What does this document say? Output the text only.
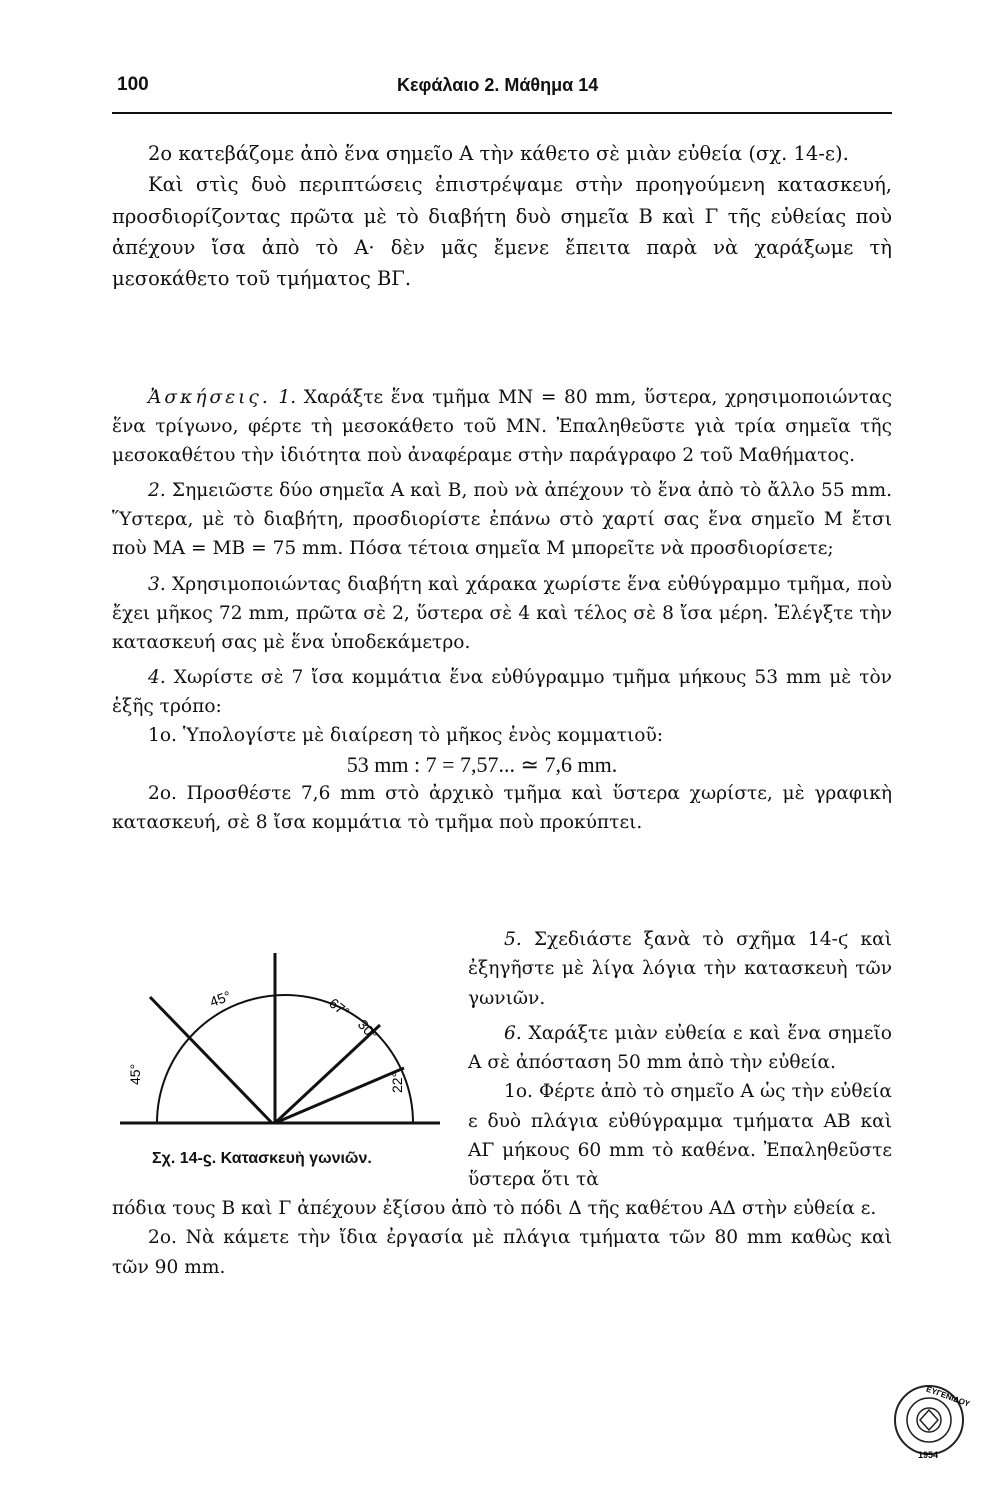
100	Κεφάλαιο 2. Μάθημα 14

2ο κατεβάζομε ἀπὸ ἕνα σημεῖο Α τὴν κάθετο σὲ μιὰν εὐθεία (σχ. 14-ε).

Καὶ στὶς δυὸ περιπτώσεις ἐπιστρέψαμε στὴν προηγούμενη κατασκευή, προσδιορίζοντας πρῶτα μὲ τὸ διαβήτη δυὸ σημεῖα Β καὶ Γ τῆς εὐθείας ποὺ ἀπέχουν ἴσα ἀπὸ τὸ Α· δὲν μᾶς ἔμενε ἔπειτα παρὰ νὰ χαράξωμε τὴ μεσοκάθετο τοῦ τμήματος ΒΓ.

Ἀσκήσεις. 1. Χαράξτε ἕνα τμῆμα ΜΝ = 80 mm, ὕστερα, χρησιμοποιώντας ἕνα τρίγωνο, φέρτε τὴ μεσοκάθετο τοῦ ΜΝ. Ἐπαληθεῦστε γιὰ τρία σημεῖα τῆς μεσοκαθέτου τὴν ἰδιότητα ποὺ ἀναφέραμε στὴν παράγραφο 2 τοῦ Μαθήματος.

2. Σημειῶστε δύο σημεῖα Α καὶ Β, ποὺ νὰ ἀπέχουν τὸ ἕνα ἀπὸ τὸ ἄλλο 55 mm. Ὕστερα, μὲ τὸ διαβήτη, προσδιορίστε ἐπάνω στὸ χαρτί σας ἕνα σημεῖο Μ ἔτσι ποὺ ΜΑ = ΜΒ = 75 mm. Πόσα τέτοια σημεῖα Μ μπορεῖτε νὰ προσδιορίσετε;

3. Χρησιμοποιώντας διαβήτη καὶ χάρακα χωρίστε ἕνα εὐθύγραμμο τμῆμα, ποὺ ἔχει μῆκος 72 mm, πρῶτα σὲ 2, ὕστερα σὲ 4 καὶ τέλος σὲ 8 ἴσα μέρη. Ἐλέγξτε τὴν κατασκευή σας μὲ ἕνα ὑποδεκάμετρο.

4. Χωρίστε σὲ 7 ἴσα κομμάτια ἕνα εὐθύγραμμο τμῆμα μήκους 53 mm μὲ τὸν ἑξῆς τρόπο:

1ο. Ὑπολογίστε μὲ διαίρεση τὸ μῆκος ἑνὸς κομματιοῦ:

53 mm : 7 = 7,57... ≃ 7,6 mm.

2ο. Προσθέστε 7,6 mm στὸ ἀρχικὸ τμῆμα καὶ ὕστερα χωρίστε, μὲ γραφικὴ κατασκευή, σὲ 8 ἴσα κομμάτια τὸ τμῆμα ποὺ προκύπτει.

5. Σχεδιάστε ξανὰ τὸ σχῆμα 14-ϛ καὶ ἐξηγῆστε μὲ λίγα λόγια τὴν κατασκευὴ τῶν γωνιῶν.

6. Χαράξτε μιὰν εὐθεία ε καὶ ἕνα σημεῖο Α σὲ ἀπόσταση 50 mm ἀπὸ τὴν εὐθεία.

1ο. Φέρτε ἀπὸ τὸ σημεῖο Α ὡς τὴν εὐθεία ε δυὸ πλάγια εὐθύγραμμα τμήματα ΑΒ καὶ ΑΓ μήκους 60 mm τὸ καθένα. Ἐπαληθεῦστε ὕστερα ὅτι τὰ

45°
45°
67°
30°
22°
Σχ. 14-ϛ. Κατασκευὴ γωνιῶν.

πόδια τους Β καὶ Γ ἀπέχουν ἐξίσου ἀπὸ τὸ πόδι Δ τῆς καθέτου ΑΔ στὴν εὐθεία ε.

2ο. Νὰ κάμετε τὴν ἴδια ἐργασία μὲ πλάγια τμήματα τῶν 80 mm καθὼς καὶ τῶν 90 mm.

ΕΥΓΕΝΙΔΟΥ
1954
